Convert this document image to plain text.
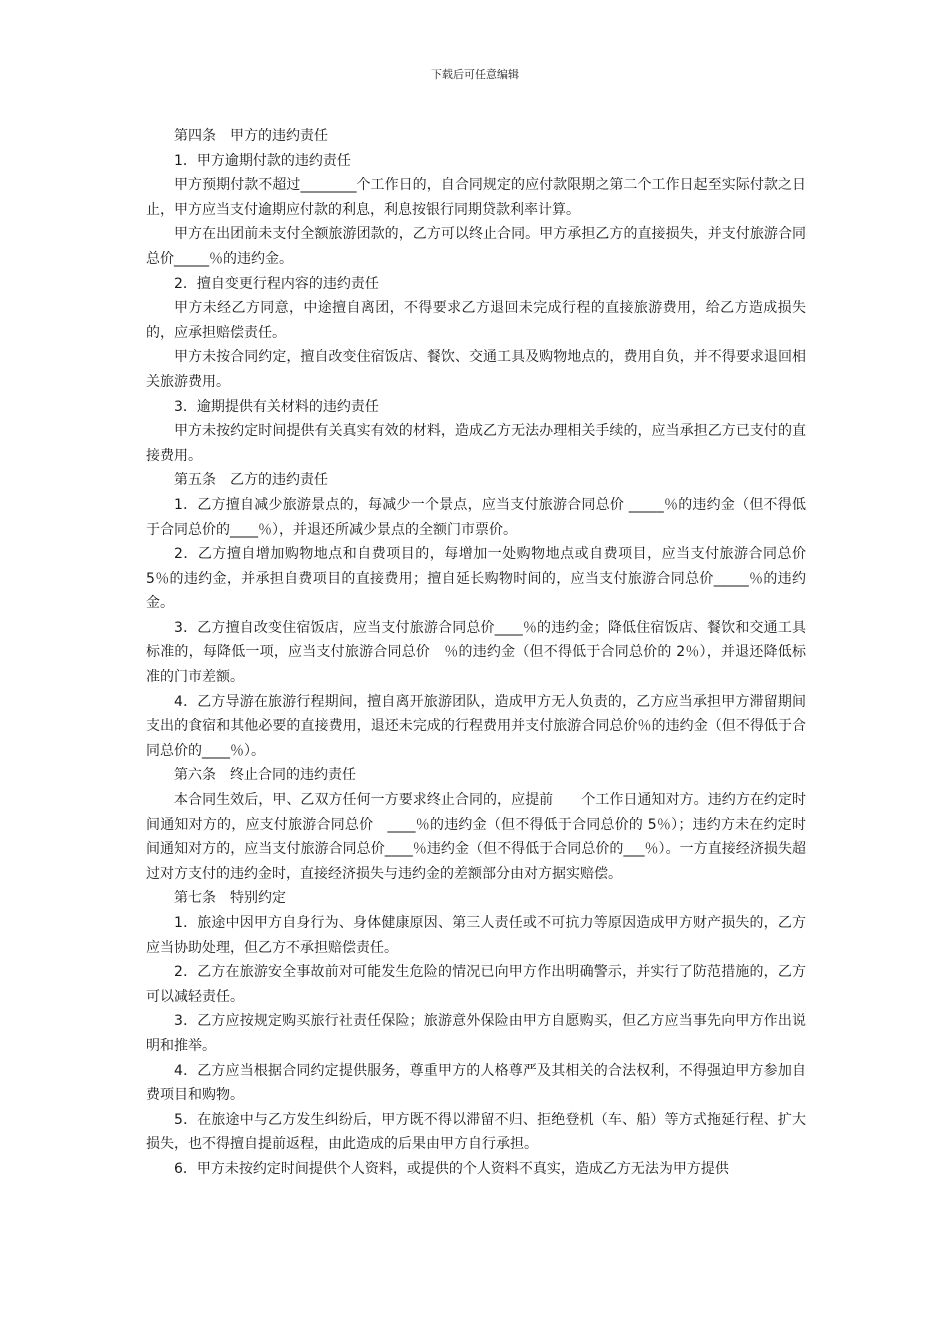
下载后可任意编辑

第四条　甲方的违约责任

1．甲方逾期付款的违约责任

甲方预期付款不超过________个工作日的，自合同规定的应付款限期之第二个工作日起至实际付款之日止，甲方应当支付逾期应付款的利息，利息按银行同期贷款利率计算。

甲方在出团前未支付全额旅游团款的，乙方可以终止合同。甲方承担乙方的直接损失，并支付旅游合同总价_____％的违约金。

2．擅自变更行程内容的违约责任

甲方未经乙方同意，中途擅自离团，不得要求乙方退回未完成行程的直接旅游费用，给乙方造成损失的，应承担赔偿责任。

甲方未按合同约定，擅自改变住宿饭店、餐饮、交通工具及购物地点的，费用自负，并不得要求退回相关旅游费用。

3．逾期提供有关材料的违约责任

甲方未按约定时间提供有关真实有效的材料，造成乙方无法办理相关手续的，应当承担乙方已支付的直接费用。

第五条　乙方的违约责任

1．乙方擅自减少旅游景点的，每减少一个景点，应当支付旅游合同总价 _____％的违约金（但不得低于合同总价的____％），并退还所减少景点的全额门市票价。

2．乙方擅自增加购物地点和自费项目的，每增加一处购物地点或自费项目，应当支付旅游合同总价 5％的违约金，并承担自费项目的直接费用；擅自延长购物时间的，应当支付旅游合同总价_____％的违约金。

3．乙方擅自改变住宿饭店，应当支付旅游合同总价____％的违约金；降低住宿饭店、餐饮和交通工具标准的，每降低一项，应当支付旅游合同总价　％的违约金（但不得低于合同总价的 2％），并退还降低标准的门市差额。

4．乙方导游在旅游行程期间，擅自离开旅游团队，造成甲方无人负责的，乙方应当承担甲方滞留期间支出的食宿和其他必要的直接费用，退还未完成的行程费用并支付旅游合同总价％的违约金（但不得低于合同总价的____％）。

第六条　终止合同的违约责任

本合同生效后，甲、乙双方任何一方要求终止合同的，应提前　　个工作日通知对方。违约方在约定时间通知对方的，应支付旅游合同总价　____％的违约金（但不得低于合同总价的 5％）；违约方未在约定时间通知对方的，应当支付旅游合同总价____％违约金（但不得低于合同总价的___％）。一方直接经济损失超过对方支付的违约金时，直接经济损失与违约金的差额部分由对方据实赔偿。

第七条　特别约定

1．旅途中因甲方自身行为、身体健康原因、第三人责任或不可抗力等原因造成甲方财产损失的，乙方应当协助处理，但乙方不承担赔偿责任。

2．乙方在旅游安全事故前对可能发生危险的情况已向甲方作出明确警示，并实行了防范措施的，乙方可以减轻责任。

3．乙方应按规定购买旅行社责任保险；旅游意外保险由甲方自愿购买，但乙方应当事先向甲方作出说明和推举。

4．乙方应当根据合同约定提供服务，尊重甲方的人格尊严及其相关的合法权利，不得强迫甲方参加自费项目和购物。

5．在旅途中与乙方发生纠纷后，甲方既不得以滞留不归、拒绝登机（车、船）等方式拖延行程、扩大损失，也不得擅自提前返程，由此造成的后果由甲方自行承担。

6．甲方未按约定时间提供个人资料，或提供的个人资料不真实，造成乙方无法为甲方提供
